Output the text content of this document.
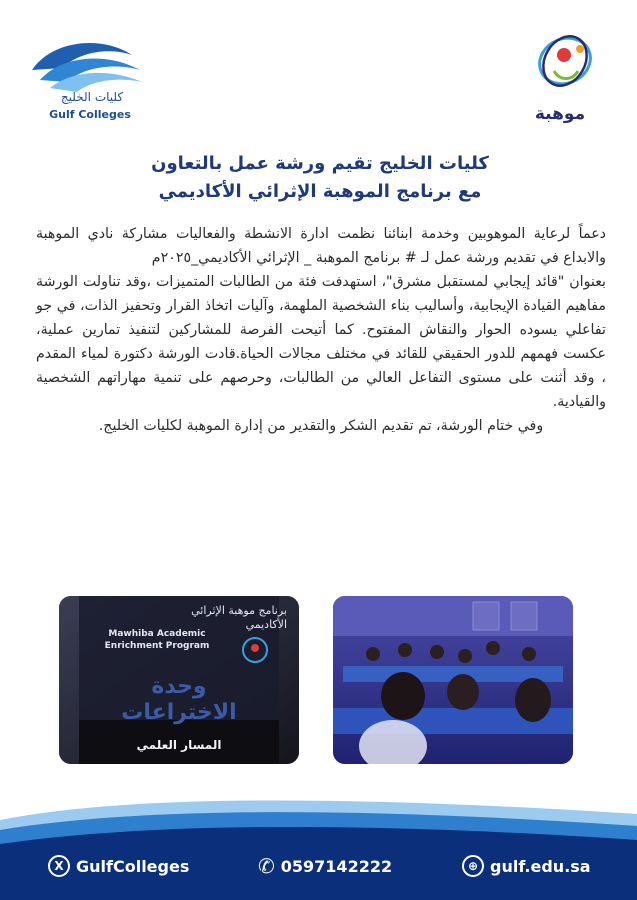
كليات الخليج
Gulf Colleges	موهبة
كليات الخليج تقيم ورشة عمل بالتعاون
مع برنامج الموهبة الإثرائي الأكاديمي

دعماً لرعاية الموهوبين وخدمة ابنائنا نظمت ادارة الانشطة والفعاليات مشاركة نادي الموهبة والابداع في تقديم ورشة عمل لـ # برنامج الموهبة _ الإثرائي الأكاديمي_٢٠٢٥م

بعنوان "قائد إيجابي لمستقبل مشرق"، استهدفت فئة من الطالبات المتميزات ،وقد تناولت الورشة مفاهيم القيادة الإيجابية، وأساليب بناء الشخصية الملهمة، وآليات اتخاذ القرار وتحفيز الذات، في جو تفاعلي يسوده الحوار والنقاش المفتوح. كما أتيحت الفرصة للمشاركين لتنفيذ تمارين عملية، عكست فهمهم للدور الحقيقي للقائد في مختلف مجالات الحياة.قادت الورشة دكتورة لمياء المقدم ، وقد أثنت على مستوى التفاعل العالي من الطالبات، وحرصهم على تنمية مهاراتهم الشخصية والقيادية.

وفي ختام الورشة، تم تقديم الشكر والتقدير من إدارة الموهبة لكليات الخليج.

برنامج موهبة الإثرائي
الأكاديمي
Mawhiba Academic
Enrichment Program
وحدة
الاختراعات
المسار العلمي
X GulfColleges	✆ 0597142222	⊕ gulf.edu.sa
